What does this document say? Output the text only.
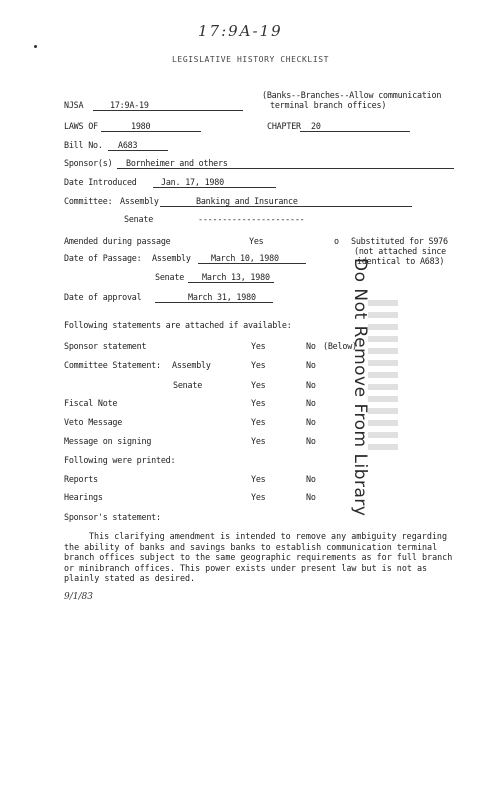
17:9A-19
LEGISLATIVE HISTORY CHECKLIST
(Banks--Branches--Allow communication
terminal branch offices)
NJSA	17:9A-19
LAWS OF	1980	CHAPTER 20
Bill No. A683
Sponsor(s) Bornheimer and others
Date Introduced	Jan. 17, 1980
Committee: Assembly	Banking and Insurance
Senate	----------------------
Amended during passage	Yes	o Substituted for S976
(not attached since
identical to A683)
Date of Passage: Assembly March 10, 1980
Senate March 13, 1980
Date of approval	March 31, 1980
Following statements are attached if available:
Sponsor statement	Yes	No (Below)
Committee Statement: Assembly	Yes	No
Senate	Yes	No
Fiscal Note	Yes	No
Veto Message	Yes	No
Message on signing	Yes	No
Following were printed:
Reports	Yes	No
Hearings	Yes	No
Sponsor's statement:
This clarifying amendment is intended to remove any ambiguity regarding the ability of banks and savings banks to establish communication terminal branch offices subject to the same geographic requirements as for full branch or minibranch offices. This power exists under present law but is not as plainly stated as desired.
9/1/83
Do Not Remove From Library
